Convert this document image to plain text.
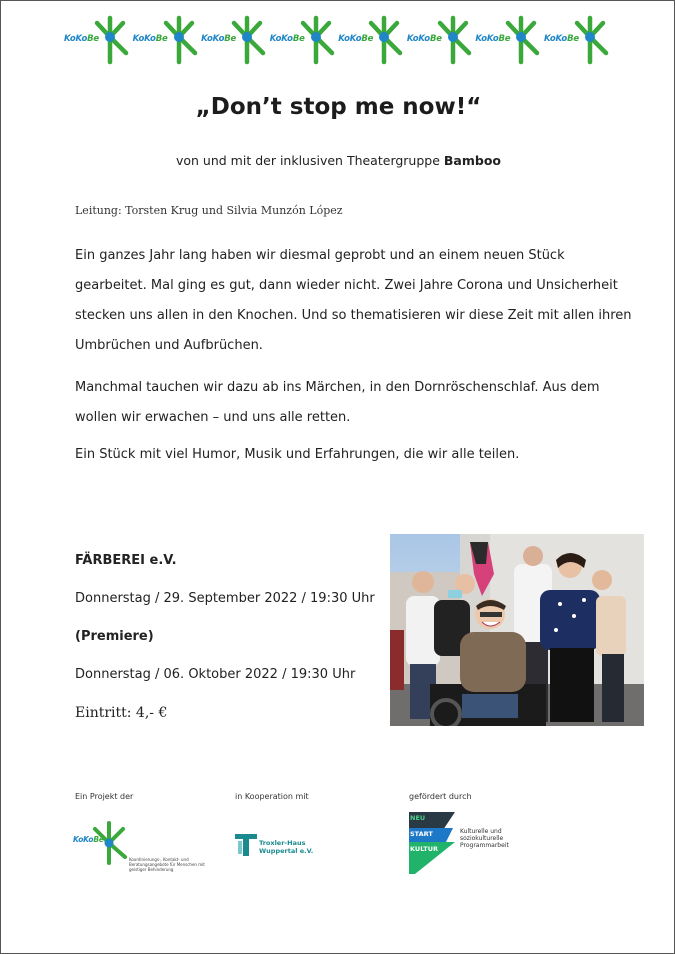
KoKoBe	KoKoBe	KoKoBe	KoKoBe	KoKoBe	KoKoBe	KoKoBe	KoKoBe
„Don’t stop me now!“
von und mit der inklusiven Theatergruppe Bamboo
Leitung: Torsten Krug und Silvia Munzón López
Ein ganzes Jahr lang haben wir diesmal geprobt und an einem neuen Stück gearbeitet. Mal ging es gut, dann wieder nicht. Zwei Jahre Corona und Unsicherheit stecken uns allen in den Knochen. Und so thematisieren wir diese Zeit mit allen ihren Umbrüchen und Aufbrüchen.
Manchmal tauchen wir dazu ab ins Märchen, in den Dornröschenschlaf. Aus dem wollen wir erwachen – und uns alle retten.
Ein Stück mit viel Humor, Musik und Erfahrungen, die wir alle teilen.
FÄRBEREI e.V.
Donnerstag / 29. September 2022 / 19:30 Uhr
(Premiere)
Donnerstag / 06. Oktober 2022 / 19:30 Uhr
Eintritt: 4,- €
Ein Projekt der	in Kooperation mit	gefördert durch
KoKoBe
Koordinierungs-, Kontakt- und Beratungsangebote für Menschen mit geistiger Behinderung
Troxler-Haus
Wuppertal e.V.
NEU
START
KULTUR
Kulturelle und soziokulturelle Programmarbeit
